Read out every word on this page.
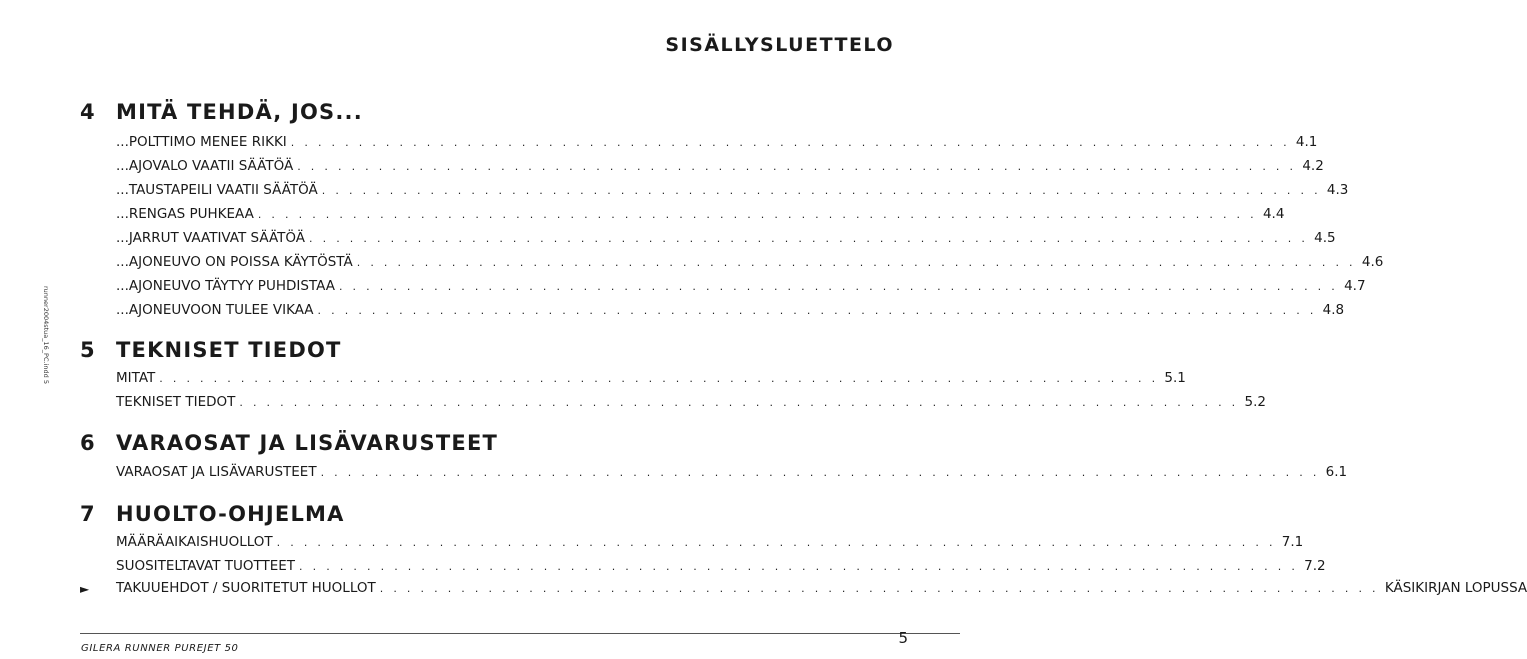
SISÄLLYSLUETTELO
runner2004stua_16_PC.indd 5
4 MITÄ TEHDÄ, JOS...
...POLTTIMO MENEE RIKKI . . . . . . . . . . . . . . . . . . . . . . . . . . . . . . . . . . . . . . . . . . . . . . . . . . . . . . . . . . . . . . . . . . . . . . . . . . 4.1
...AJOVALO VAATII SÄÄTÖÄ . . . . . . . . . . . . . . . . . . . . . . . . . . . . . . . . . . . . . . . . . . . . . . . . . . . . . . . . . . . . . . . . . . . . . . . . . . 4.2
...TAUSTAPEILI VAATII SÄÄTÖÄ . . . . . . . . . . . . . . . . . . . . . . . . . . . . . . . . . . . . . . . . . . . . . . . . . . . . . . . . . . . . . . . . . . . . . . . . . . 4.3
...RENGAS PUHKEAA . . . . . . . . . . . . . . . . . . . . . . . . . . . . . . . . . . . . . . . . . . . . . . . . . . . . . . . . . . . . . . . . . . . . . . . . . . 4.4
...JARRUT VAATIVAT SÄÄTÖÄ . . . . . . . . . . . . . . . . . . . . . . . . . . . . . . . . . . . . . . . . . . . . . . . . . . . . . . . . . . . . . . . . . . . . . . . . . . 4.5
...AJONEUVO ON POISSA KÄYTÖSTÄ . . . . . . . . . . . . . . . . . . . . . . . . . . . . . . . . . . . . . . . . . . . . . . . . . . . . . . . . . . . . . . . . . . . . . . . . . . 4.6
...AJONEUVO TÄYTYY PUHDISTAA . . . . . . . . . . . . . . . . . . . . . . . . . . . . . . . . . . . . . . . . . . . . . . . . . . . . . . . . . . . . . . . . . . . . . . . . . . 4.7
...AJONEUVOON TULEE VIKAA . . . . . . . . . . . . . . . . . . . . . . . . . . . . . . . . . . . . . . . . . . . . . . . . . . . . . . . . . . . . . . . . . . . . . . . . . . 4.8
5 TEKNISET TIEDOT
MITAT . . . . . . . . . . . . . . . . . . . . . . . . . . . . . . . . . . . . . . . . . . . . . . . . . . . . . . . . . . . . . . . . . . . . . . . . . . 5.1
TEKNISET TIEDOT . . . . . . . . . . . . . . . . . . . . . . . . . . . . . . . . . . . . . . . . . . . . . . . . . . . . . . . . . . . . . . . . . . . . . . . . . . 5.2
6 VARAOSAT JA LISÄVARUSTEET
VARAOSAT JA LISÄVARUSTEET . . . . . . . . . . . . . . . . . . . . . . . . . . . . . . . . . . . . . . . . . . . . . . . . . . . . . . . . . . . . . . . . . . . . . . . . . . 6.1
7 HUOLTO-OHJELMA
MÄÄRÄAIKAISHUOLLOT . . . . . . . . . . . . . . . . . . . . . . . . . . . . . . . . . . . . . . . . . . . . . . . . . . . . . . . . . . . . . . . . . . . . . . . . . . 7.1
SUOSITELTAVAT TUOTTEET . . . . . . . . . . . . . . . . . . . . . . . . . . . . . . . . . . . . . . . . . . . . . . . . . . . . . . . . . . . . . . . . . . . . . . . . . . 7.2
► TAKUUEHDOT / SUORITETUT HUOLLOT . . . . . . . . . . . . . . . . . . . . . . . . . . . . . . . . . . . . . . . . . . . . . . . . . . . . . . . . . . . . . . . . . . . . . . . . . . KÄSIKIRJAN LOPUSSA
GILERA RUNNER PUREJET 50
5
